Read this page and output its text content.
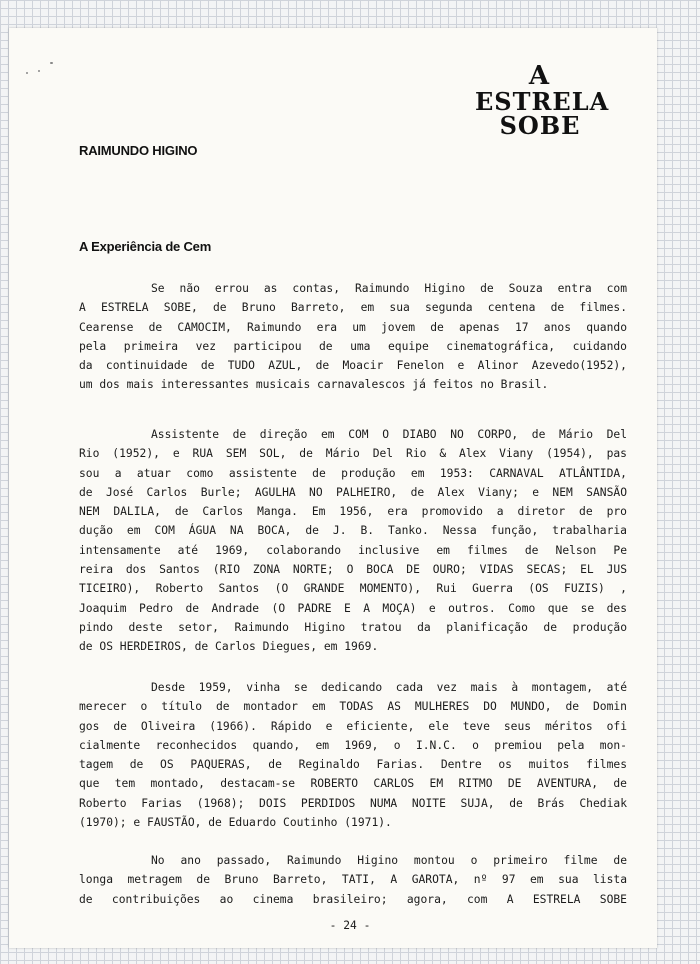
A
ESTRELA
SOBE
RAIMUNDO HIGINO
A Experiência de Cem
Se não errou as contas, Raimundo Higino de Souza entra com
A ESTRELA SOBE, de Bruno Barreto, em sua segunda centena de filmes.
Cearense de CAMOCIM, Raimundo era um jovem de apenas 17 anos quando
pela primeira vez participou de uma equipe cinematográfica, cuidando
da continuidade de TUDO AZUL, de Moacir Fenelon e Alinor Azevedo(1952),
um dos mais interessantes musicais carnavalescos já feitos no Brasil.
Assistente de direção em COM O DIABO NO CORPO, de Mário Del
Rio (1952), e RUA SEM SOL, de Mário Del Rio & Alex Viany (1954), pas
sou a atuar como assistente de produção em 1953: CARNAVAL ATLÂNTIDA,
de José Carlos Burle; AGULHA NO PALHEIRO, de Alex Viany; e NEM SANSÃO
NEM DALILA, de Carlos Manga. Em 1956, era promovido a diretor de pro
dução em COM ÁGUA NA BOCA, de J. B. Tanko. Nessa função, trabalharia
intensamente até 1969, colaborando inclusive em filmes de Nelson Pe
reira dos Santos (RIO ZONA NORTE; O BOCA DE OURO; VIDAS SECAS; EL JUS
TICEIRO), Roberto Santos (O GRANDE MOMENTO), Rui Guerra (OS FUZIS) ,
Joaquim Pedro de Andrade (O PADRE E A MOÇA) e outros. Como que se des
pindo deste setor, Raimundo Higino tratou da planificação de produção
de OS HERDEIROS, de Carlos Diegues, em 1969.
Desde 1959, vinha se dedicando cada vez mais à montagem, até
merecer o título de montador em TODAS AS MULHERES DO MUNDO, de Domin
gos de Oliveira (1966). Rápido e eficiente, ele teve seus méritos ofi
cialmente reconhecidos quando, em 1969, o I.N.C. o premiou pela mon-
tagem de OS PAQUERAS, de Reginaldo Farias. Dentre os muitos filmes
que tem montado, destacam-se ROBERTO CARLOS EM RITMO DE AVENTURA, de
Roberto Farias (1968); DOIS PERDIDOS NUMA NOITE SUJA, de Brás Chediak
(1970); e FAUSTÃO, de Eduardo Coutinho (1971).
No ano passado, Raimundo Higino montou o primeiro filme de
longa metragem de Bruno Barreto, TATI, A GAROTA, nº 97 em sua lista
de contribuições ao cinema brasileiro; agora, com A ESTRELA SOBE
- 24 -
